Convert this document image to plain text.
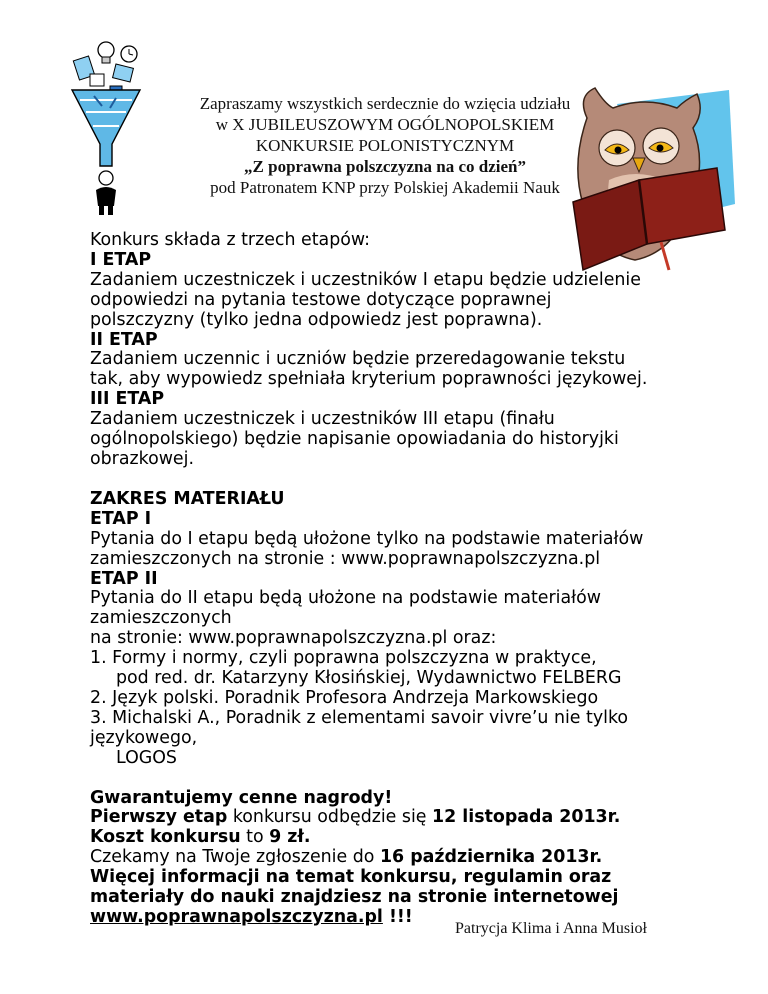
Zapraszamy wszystkich serdecznie do wzięcia udziału
w X JUBILEUSZOWYM OGÓLNOPOLSKIEM
KONKURSIE POLONISTYCZNYM
„Z poprawna polszczyzna na co dzień”
pod Patronatem KNP przy Polskiej Akademii Nauk
Konkurs składa z trzech etapów:
I ETAP
Zadaniem uczestniczek i uczestników I etapu będzie udzielenie
odpowiedzi na pytania testowe dotyczące poprawnej
polszczyzny (tylko jedna odpowiedz jest poprawna).
II ETAP
Zadaniem uczennic i uczniów będzie przeredagowanie tekstu
tak, aby wypowiedz spełniała kryterium poprawności językowej.
III ETAP
Zadaniem uczestniczek i uczestników III etapu (finału
ogólnopolskiego) będzie napisanie opowiadania do historyjki
obrazkowej.
ZAKRES MATERIAŁU
ETAP I
Pytania do I etapu będą ułożone tylko na podstawie materiałów
zamieszczonych na stronie : www.poprawnapolszczyzna.pl
ETAP II
Pytania do II etapu będą ułożone na podstawie materiałów
zamieszczonych
na stronie: www.poprawnapolszczyzna.pl oraz:
1. Formy i normy, czyli poprawna polszczyzna w praktyce,
pod red. dr. Katarzyny Kłosińskiej, Wydawnictwo FELBERG
2. Język polski. Poradnik Profesora Andrzeja Markowskiego
3. Michalski A., Poradnik z elementami savoir vivre’u nie tylko
językowego,
LOGOS
Gwarantujemy cenne nagrody!
Pierwszy etap konkursu odbędzie się 12 listopada 2013r.
Koszt konkursu to 9 zł.
Czekamy na Twoje zgłoszenie do 16 października 2013r.
Więcej informacji na temat konkursu, regulamin oraz
materiały do nauki znajdziesz na stronie internetowej
www.poprawnapolszczyzna.pl !!!
Patrycja Klima i Anna Musioł
